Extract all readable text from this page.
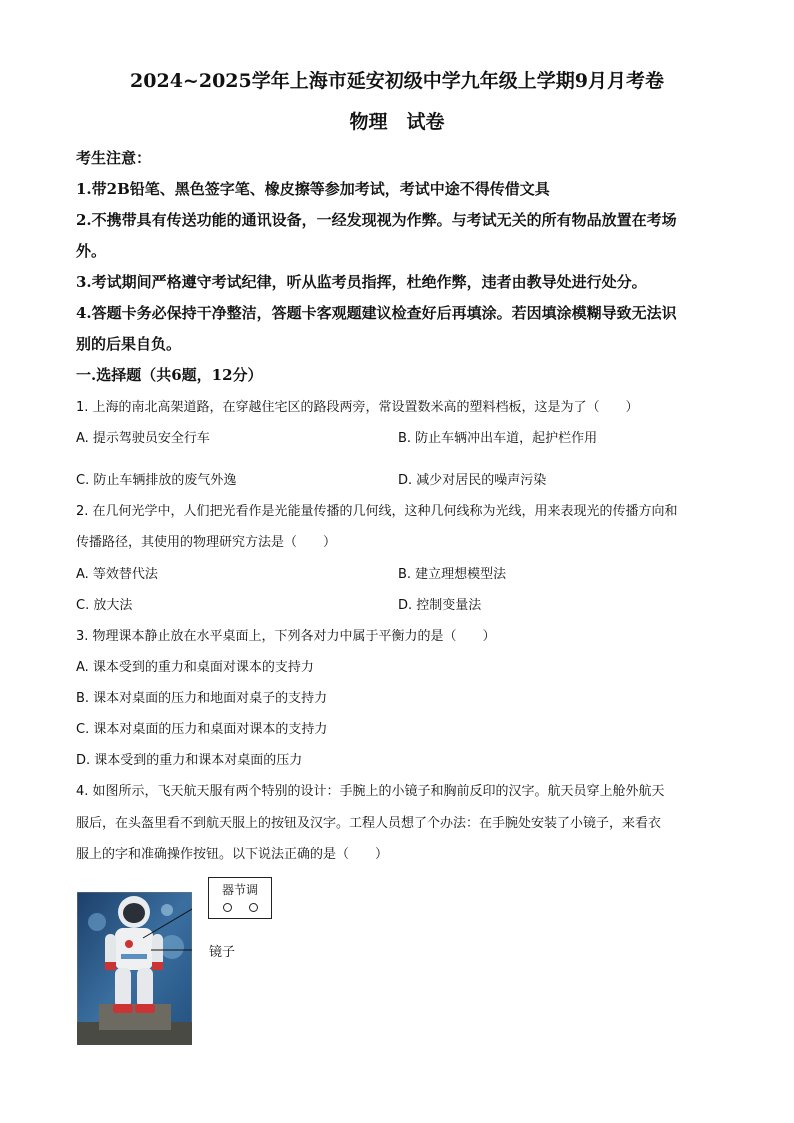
2024~2025学年上海市延安初级中学九年级上学期9月月考卷
物理　试卷
考生注意：
1.带2B铅笔、黑色签字笔、橡皮擦等参加考试，考试中途不得传借文具
2.不携带具有传送功能的通讯设备，一经发现视为作弊。与考试无关的所有物品放置在考场
外。
3.考试期间严格遵守考试纪律，听从监考员指挥，杜绝作弊，违者由教导处进行处分。
4.答题卡务必保持干净整洁，答题卡客观题建议检查好后再填涂。若因填涂模糊导致无法识
别的后果自负。
一.选择题（共6题，12分）
1. 上海的南北高架道路，在穿越住宅区的路段两旁，常设置数米高的塑料档板，这是为了（　　）
A. 提示驾驶员安全行车	B. 防止车辆冲出车道，起护栏作用
C. 防止车辆排放的废气外逸	D. 减少对居民的噪声污染
2. 在几何光学中，人们把光看作是光能量传播的几何线，这种几何线称为光线，用来表现光的传播方向和
传播路径，其使用的物理研究方法是（　　）
A. 等效替代法	B. 建立理想模型法
C. 放大法	D. 控制变量法
3. 物理课本静止放在水平桌面上，下列各对力中属于平衡力的是（　　）
A. 课本受到的重力和桌面对课本的支持力
B. 课本对桌面的压力和地面对桌子的支持力
C. 课本对桌面的压力和桌面对课本的支持力
D. 课本受到的重力和课本对桌面的压力
4. 如图所示，飞天航天服有两个特别的设计：手腕上的小镜子和胸前反印的汉字。航天员穿上舱外航天
服后，在头盔里看不到航天服上的按钮及汉字。工程人员想了个办法：在手腕处安装了小镜子，来看衣
服上的字和准确操作按钮。以下说法正确的是（　　）
器节调
镜子
